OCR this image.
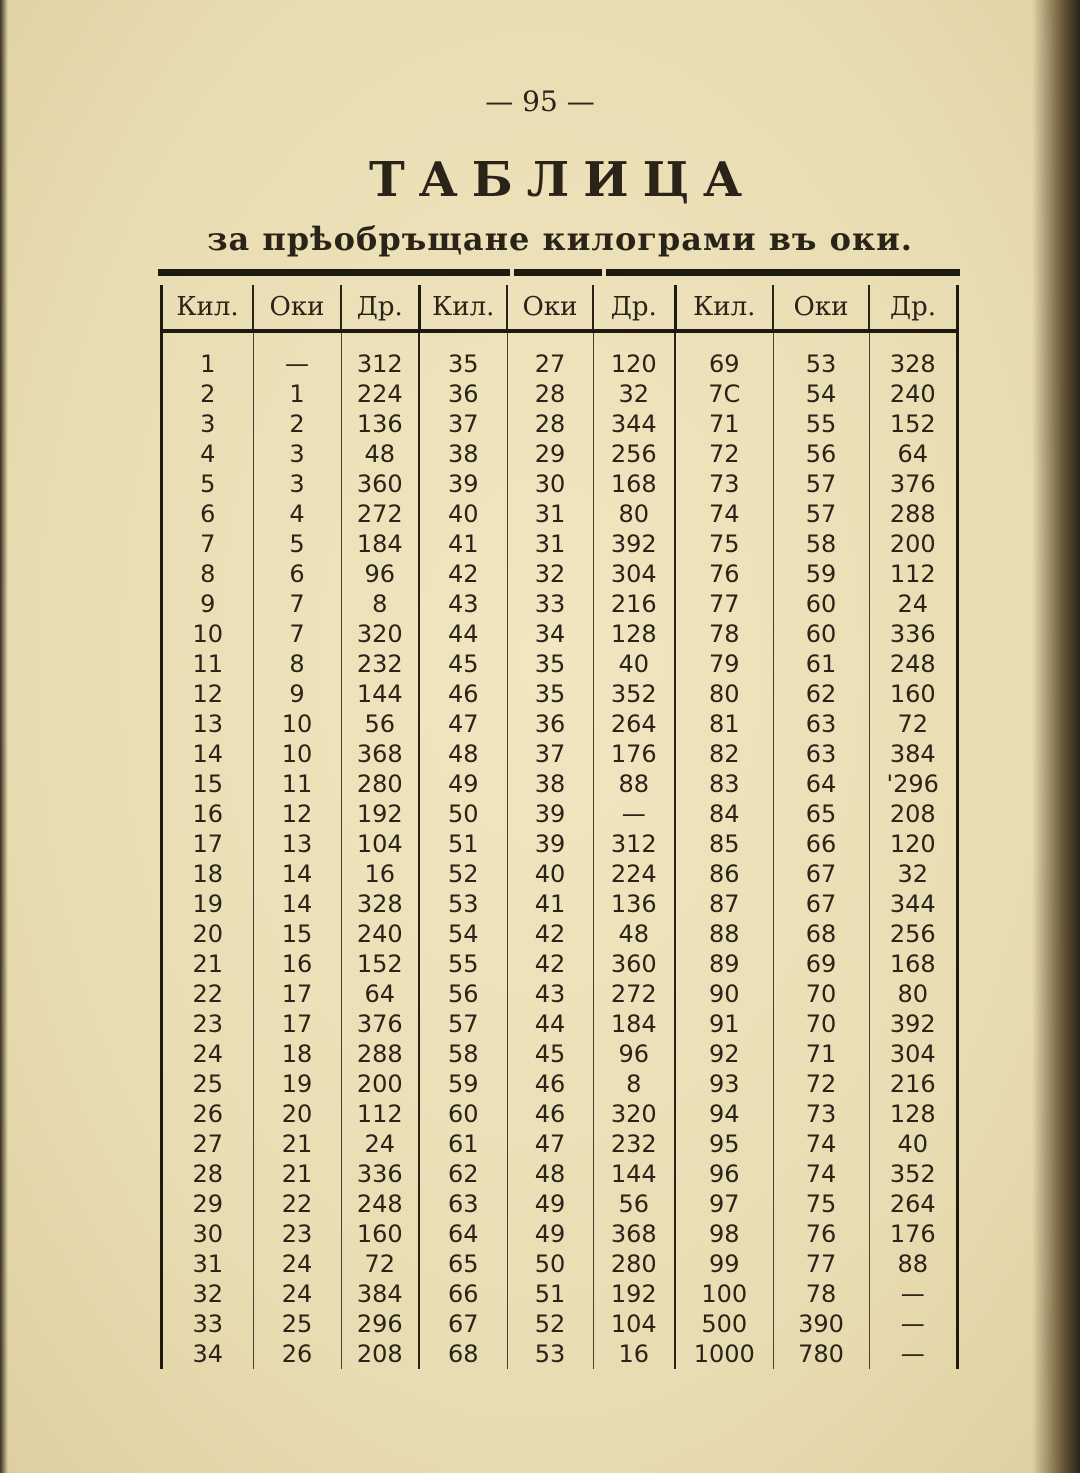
— 95 —
ТАБЛИЦА
за прѣобръщане килограми въ оки.
Кил.	Оки	Др.	Кил.	Оки	Др.	Кил.	Оки	Др.

1	—	312	35	27	120	69	53	328
2	1	224	36	28	32	7C	54	240
3	2	136	37	28	344	71	55	152
4	3	48	38	29	256	72	56	64
5	3	360	39	30	168	73	57	376
6	4	272	40	31	80	74	57	288
7	5	184	41	31	392	75	58	200
8	6	96	42	32	304	76	59	112
9	7	8	43	33	216	77	60	24
10	7	320	44	34	128	78	60	336
11	8	232	45	35	40	79	61	248
12	9	144	46	35	352	80	62	160
13	10	56	47	36	264	81	63	72
14	10	368	48	37	176	82	63	384
15	11	280	49	38	88	83	64	'296
16	12	192	50	39	—	84	65	208
17	13	104	51	39	312	85	66	120
18	14	16	52	40	224	86	67	32
19	14	328	53	41	136	87	67	344
20	15	240	54	42	48	88	68	256
21	16	152	55	42	360	89	69	168
22	17	64	56	43	272	90	70	80
23	17	376	57	44	184	91	70	392
24	18	288	58	45	96	92	71	304
25	19	200	59	46	8	93	72	216
26	20	112	60	46	320	94	73	128
27	21	24	61	47	232	95	74	40
28	21	336	62	48	144	96	74	352
29	22	248	63	49	56	97	75	264
30	23	160	64	49	368	98	76	176
31	24	72	65	50	280	99	77	88
32	24	384	66	51	192	100	78	—
33	25	296	67	52	104	500	390	—
34	26	208	68	53	16	1000	780	—
